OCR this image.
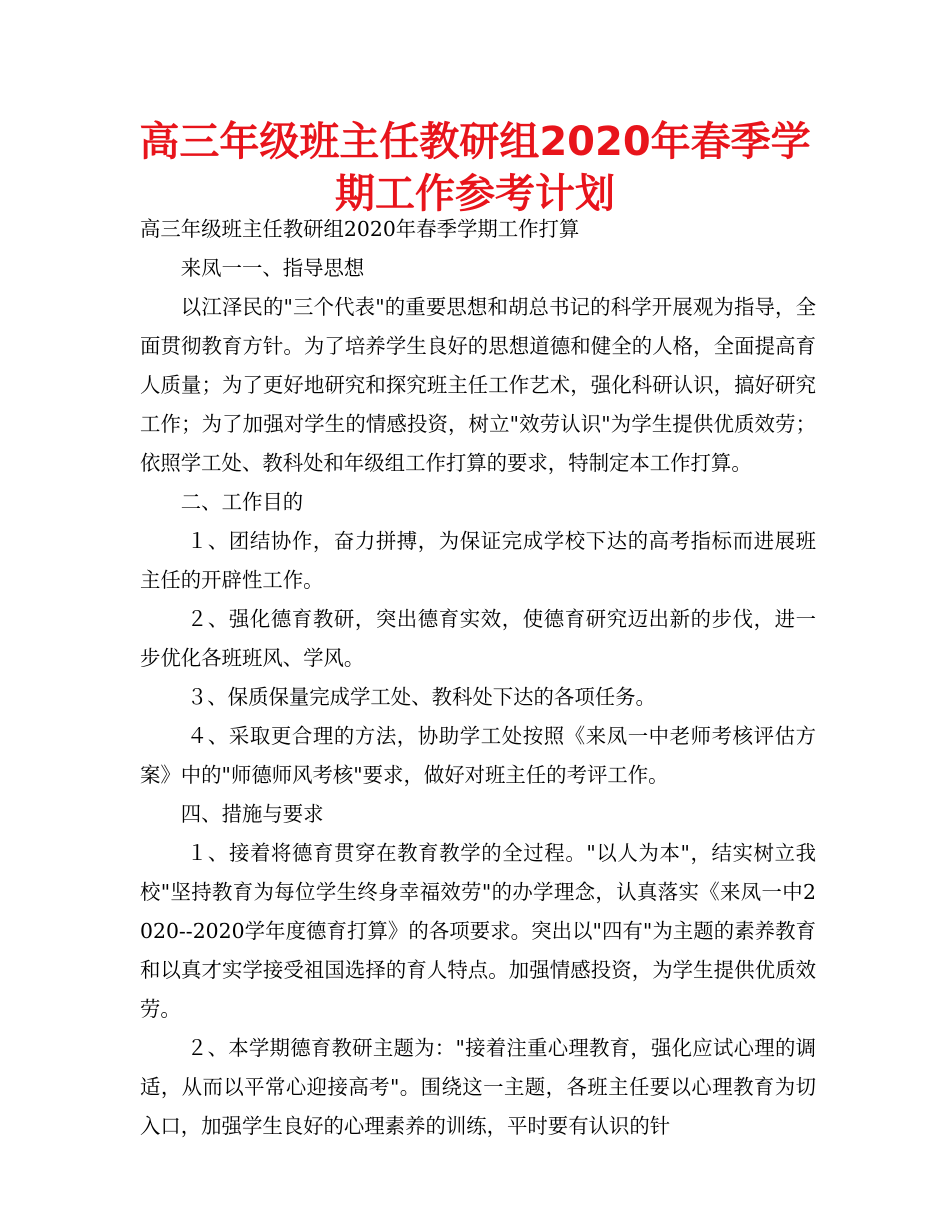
高三年级班主任教研组2020年春季学期工作参考计划

高三年级班主任教研组2020年春季学期工作打算

来凤一一、指导思想

以江泽民的"三个代表"的重要思想和胡总书记的科学开展观为指导，全面贯彻教育方针。为了培养学生良好的思想道德和健全的人格，全面提高育人质量；为了更好地研究和探究班主任工作艺术，强化科研认识，搞好研究工作；为了加强对学生的情感投资，树立"效劳认识"为学生提供优质效劳；依照学工处、教科处和年级组工作打算的要求，特制定本工作打算。

二、工作目的

１、团结协作，奋力拼搏，为保证完成学校下达的高考指标而进展班主任的开辟性工作。

２、强化德育教研，突出德育实效，使德育研究迈出新的步伐，进一步优化各班班风、学风。

３、保质保量完成学工处、教科处下达的各项任务。

４、采取更合理的方法，协助学工处按照《来凤一中老师考核评估方案》中的"师德师风考核"要求，做好对班主任的考评工作。

四、措施与要求

１、接着将德育贯穿在教育教学的全过程。"以人为本"，结实树立我校"坚持教育为每位学生终身幸福效劳"的办学理念，认真落实《来凤一中2020--2020学年度德育打算》的各项要求。突出以"四有"为主题的素养教育和以真才实学接受祖国选择的育人特点。加强情感投资，为学生提供优质效劳。

２、本学期德育教研主题为："接着注重心理教育，强化应试心理的调适，从而以平常心迎接高考"。围绕这一主题，各班主任要以心理教育为切入口，加强学生良好的心理素养的训练，平时要有认识的针
